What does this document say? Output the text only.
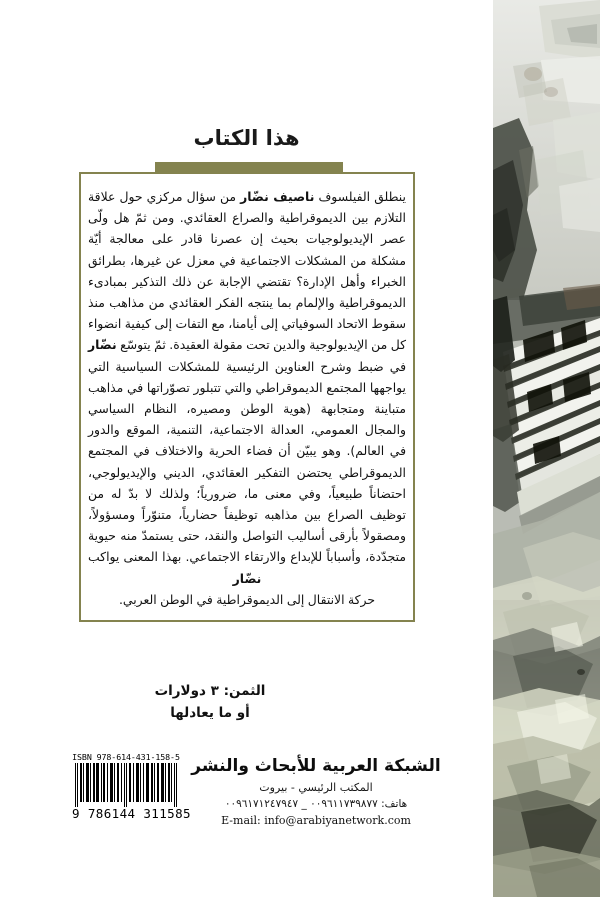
هذا الكتاب
ينطلق الفيلسوف ناصيف نضّار من سؤال مركزي حول علاقة التلازم بين الديموقراطية والصراع العقائدي. ومن ثمّ هل ولّى عصر الإيديولوجيات بحيث إن عصرنا قادر على معالجة أيّة مشكلة من المشكلات الاجتماعية في معزل عن غيرها، بطرائق الخبراء وأهل الإدارة؟ تقتضي الإجابة عن ذلك التذكير بمبادىء الديموقراطية والإلمام بما ينتجه الفكر العقائدي من مذاهب منذ سقوط الاتحاد السوفياتي إلى أيامنا، مع التفات إلى كيفية انضواء كل من الإيديولوجية والدين تحت مقولة العقيدة. ثمّ يتوسّع نضّار في ضبط وشرح العناوين الرئيسية للمشكلات السياسية التي يواجهها المجتمع الديموقراطي والتي تتبلور تصوّراتها في مذاهب متباينة ومتجابهة (هوية الوطن ومصيره، النظام السياسي والمجال العمومي، العدالة الاجتماعية، التنمية، الموقع والدور في العالم). وهو يبيّن أن فضاء الحرية والاختلاف في المجتمع الديموقراطي يحتضن التفكير العقائدي، الديني والإيديولوجي، احتضاناً طبيعياً، وفي معنى ما، ضرورياً؛ ولذلك لا بدّ له من توظيف الصراع بين مذاهبه توظيفاً حضارياً، متنوّراً ومسؤولاً، ومصقولاً بأرقى أساليب التواصل والنقد، حتى يستمدّ منه حيوية متجدّدة، وأسباباً للإبداع والارتقاء الاجتماعي. بهذا المعنى يواكب نضّار
حركة الانتقال إلى الديموقراطية في الوطن العربي.
الثمن: ٣ دولارات
أو ما يعادلها
الشبكة العربية للأبحاث والنشر
المكتب الرئيسي - بيروت
هاتف: ٠٠٩٦١١٧٣٩٨٧٧ _ ٠٠٩٦١٧١٢٤٧٩٤٧
E-mail: info@arabiyanetwork.com
ISBN 978-614-431-158-5
9 786144 311585
